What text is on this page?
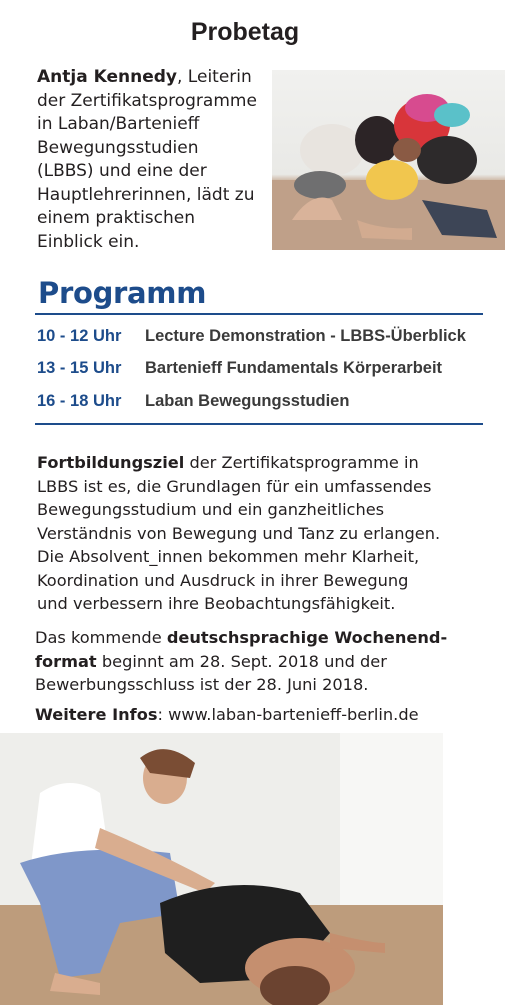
Probetag
Antja Kennedy, Leiterin
der Zertifikatsprogramme
in Laban/Bartenieff
Bewegungsstudien
(LBBS) und eine der
Hauptlehrerinnen, lädt zu
einem praktischen
Einblick ein.
Programm
10 - 12 Uhr Lecture Demonstration - LBBS-Überblick
13 - 15 Uhr Bartenieff Fundamentals Körperarbeit
16 - 18 Uhr Laban Bewegungsstudien
Fortbildungsziel der Zertifikatsprogramme in
LBBS ist es, die Grundlagen für ein umfassendes
Bewegungsstudium und ein ganzheitliches
Verständnis von Bewegung und Tanz zu erlangen.
Die Absolvent_innen bekommen mehr Klarheit,
Koordination und Ausdruck in ihrer Bewegung
und verbessern ihre Beobachtungsfähigkeit.
Das kommende deutschsprachige Wochenend-
format beginnt am 28. Sept. 2018 und der
Bewerbungsschluss ist der 28. Juni 2018.
Weitere Infos: www.laban-bartenieff-berlin.de
